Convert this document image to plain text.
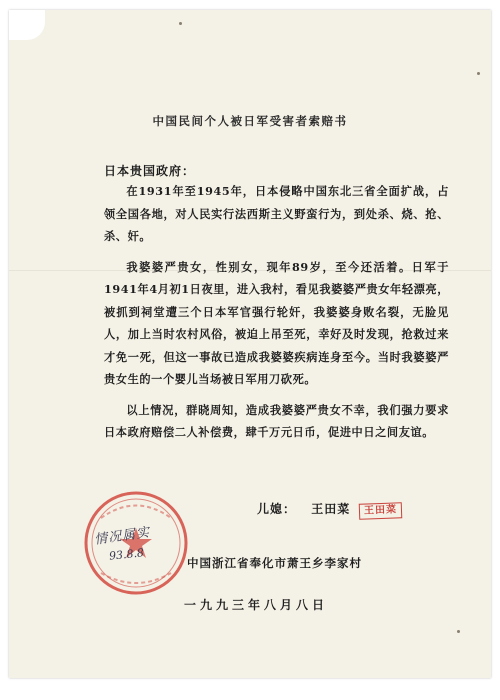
中国民间个人被日军受害者索赔书
日本贵国政府：

在1931年至1945年，日本侵略中国东北三省全面扩战，占领全国各地，对人民实行法西斯主义野蛮行为，到处杀、烧、抢、杀、奸。

我婆婆严贵女，性别女，现年89岁，至今还活着。日军于1941年4月初1日夜里，进入我村，看见我婆婆严贵女年轻漂亮，被抓到祠堂遭三个日本军官强行轮奸，我婆婆身败名裂，无脸见人，加上当时农村风俗，被迫上吊至死，幸好及时发现，抢救过来才免一死，但这一事故已造成我婆婆疾病连身至今。当时我婆婆严贵女生的一个婴儿当场被日军用刀砍死。

以上情况，群晓周知，造成我婆婆严贵女不幸，我们强力要求日本政府赔偿二人补偿费，肆千万元日币，促进中日之间友谊。

情况属实
93.8.8
儿媳： 王田菜 王田菜
中国浙江省奉化市萧王乡李家村
一九九三年八月八日
